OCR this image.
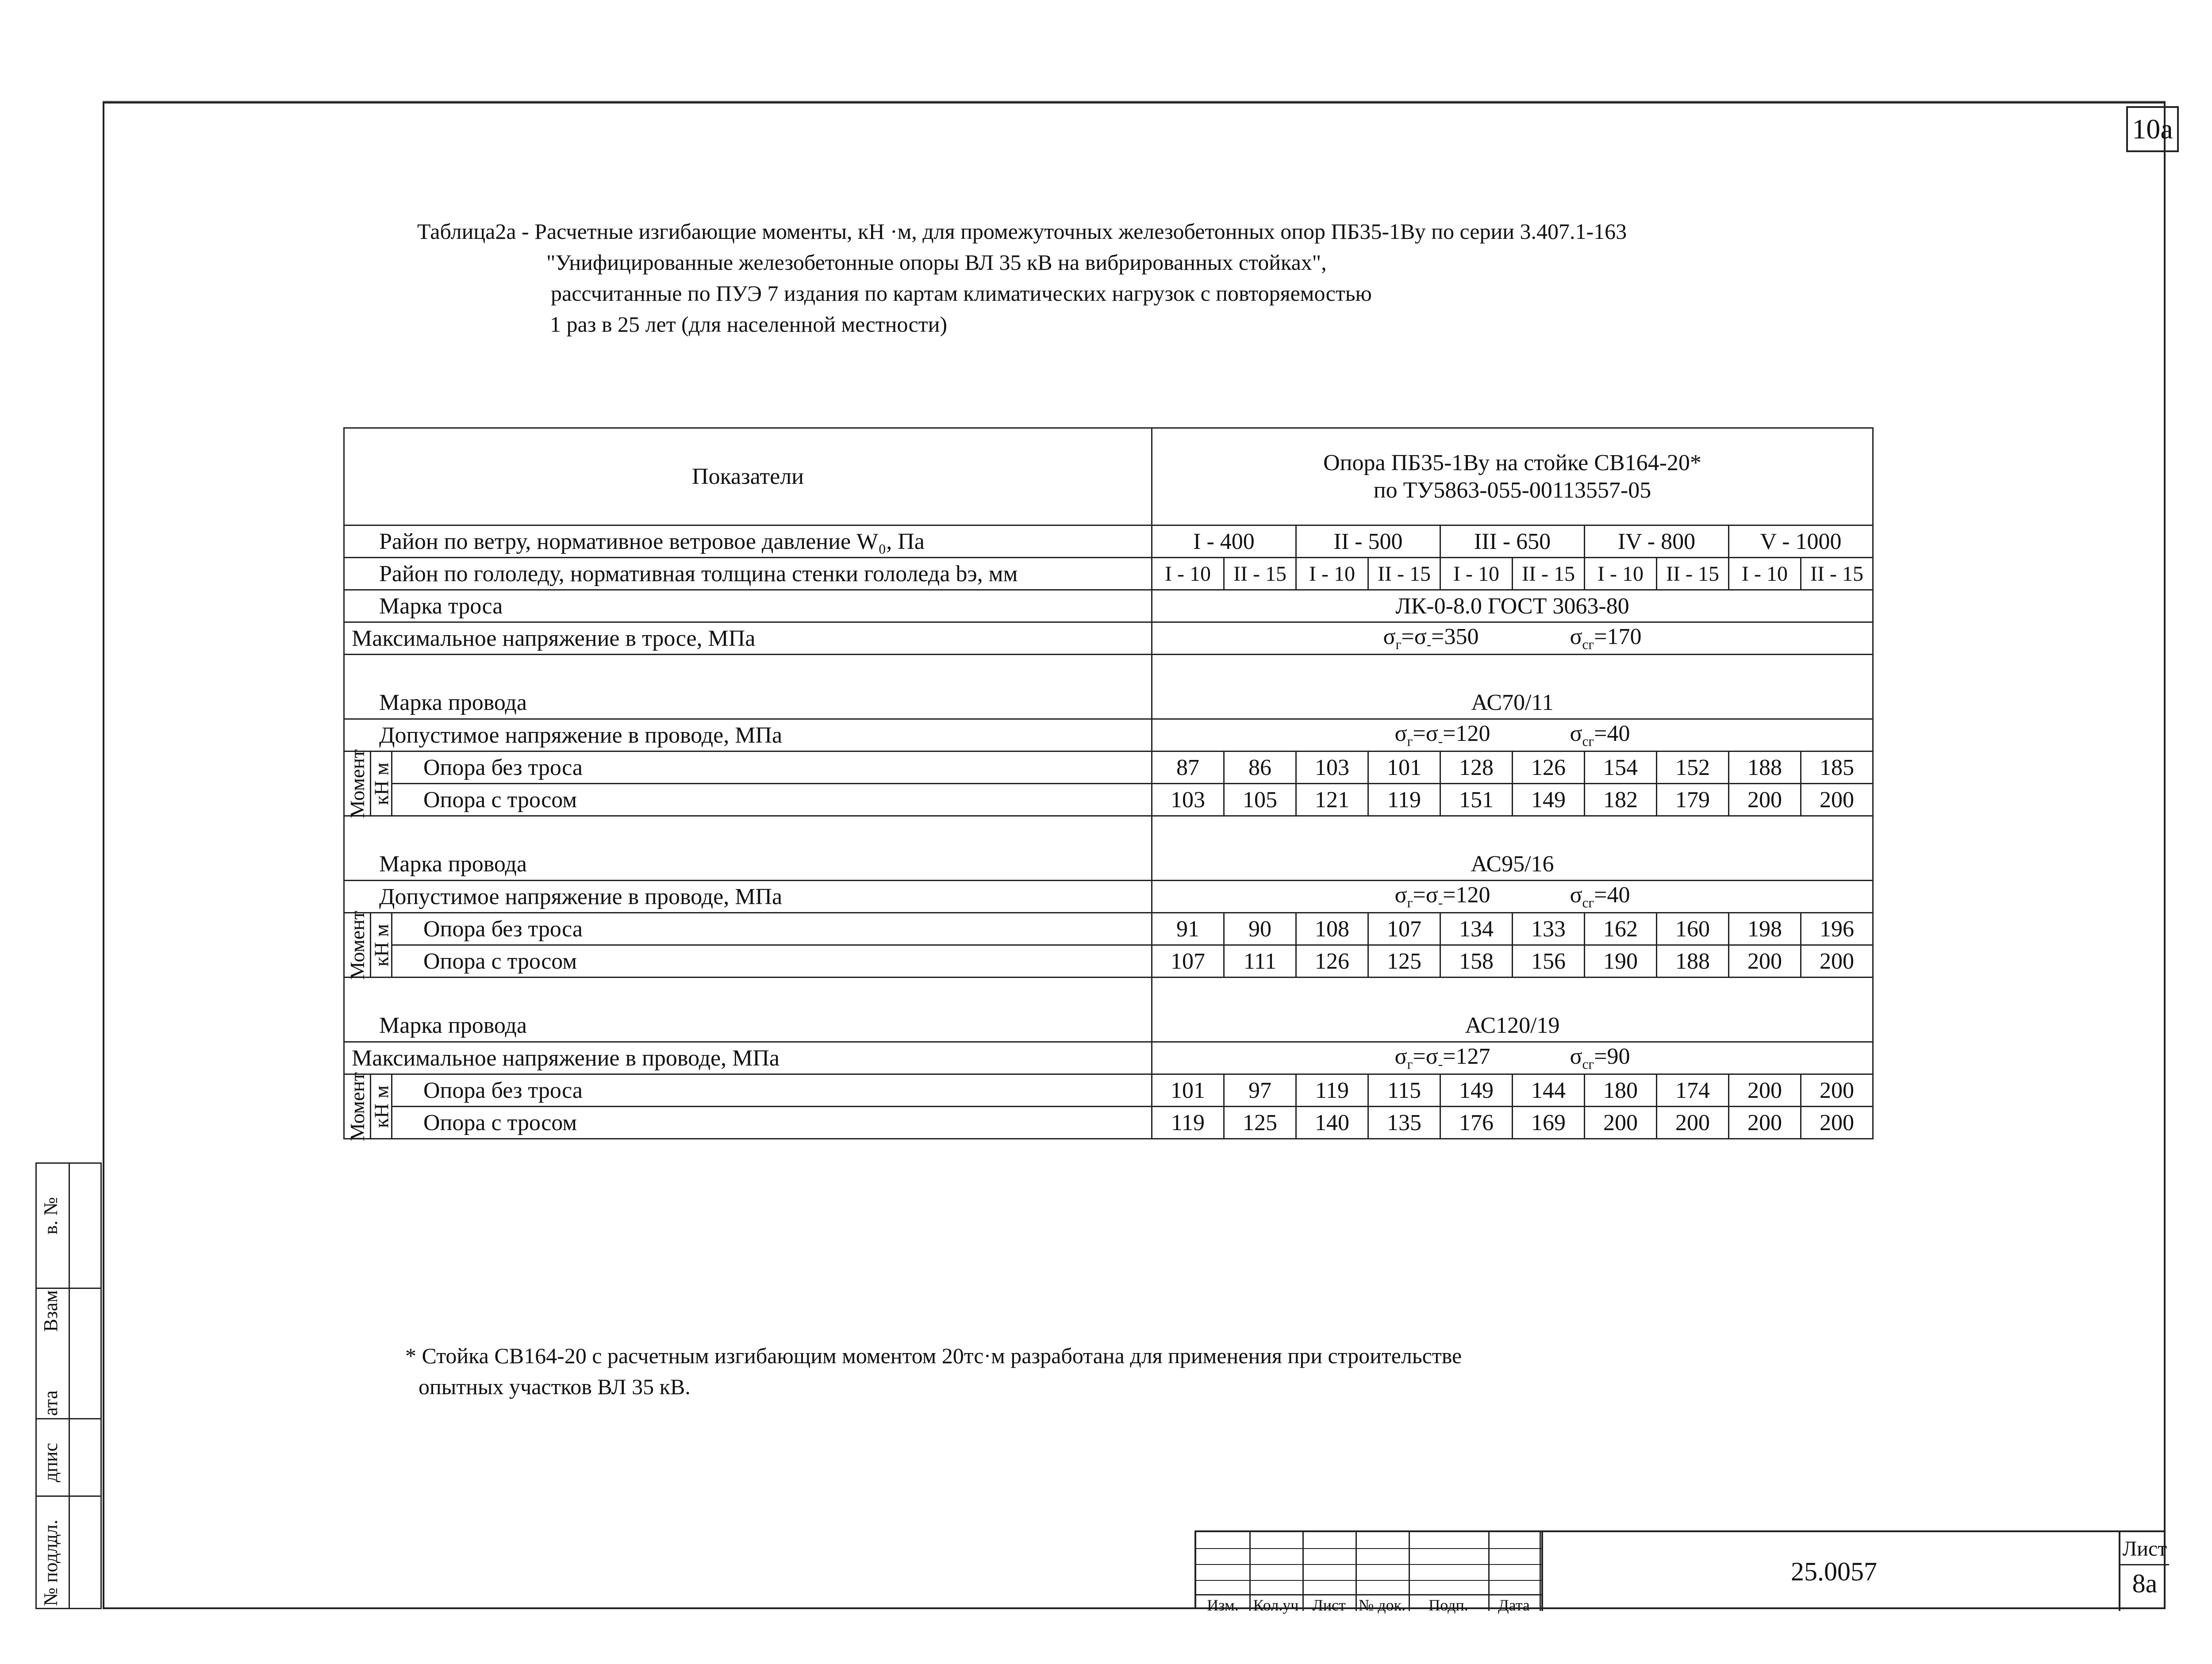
10a
Таблица2а - Расчетные изгибающие моменты, кН ·м, для промежуточных железобетонных опор ПБ35-1Ву по серии 3.407.1-163
"Унифицированные железобетонные опоры ВЛ 35 кВ на вибрированных стойках",
рассчитанные по ПУЭ 7 издания по картам климатических нагрузок с повторяемостью
1 раз в 25 лет (для населенной местности)
Показатели			Опора ПБ35-1Ву на стойке СВ164-20*
по ТУ5863-055-00113557-05									

Район по ветру, нормативное ветровое давление W₀, Па			I - 400		II - 500		III - 650		IV - 800		V - 1000	
Район по гололеду, нормативная толщина стенки гололеда bэ, мм			I - 10	II - 15	I - 10	II - 15	I - 10	II - 15	I - 10	II - 15	I - 10	II - 15
Марка троса			ЛК-0-8.0 ГОСТ 3063-80									
Максимальное напряжение в тросе, МПа			$\sigma_г=\sigma_-=350$ $\sigma_{cг}=170$									

Марка провода			АС70/11									
Допустимое напряжение в проводе, МПа			$\sigma_г=\sigma_-=120$ $\sigma_{cг}=40$									

Момент	кН м	Опора без троса	87	86	103	101	128	126	154	152	188	185
		Опора с тросом	103	105	121	119	151	149	182	179	200	200

Марка провода			АС95/16									
Допустимое напряжение в проводе, МПа			$\sigma_г=\sigma_-=120$ $\sigma_{cг}=40$									

Момент	кН м	Опора без троса	91	90	108	107	134	133	162	160	198	196
		Опора с тросом	107	111	126	125	158	156	190	188	200	200

Марка провода			АС120/19									
Максимальное напряжение в проводе, МПа			$\sigma_г=\sigma_-=127$ $\sigma_{cг}=90$									

Момент	кН м	Опора без троса	101	97	119	115	149	144	180	174	200	200
		Опора с тросом	119	125	140	135	176	169	200	200	200	200
* Стойка СВ164-20 с расчетным изгибающим моментом 20тс·м разработана для применения при строительстве
опытных участков ВЛ 35 кВ.
в. №
Взам
ата
дпис
дл.
№ подл.	Изм. Кол.уч Лист № док.	Подп.	Дата
25.0057
Лист
8а
